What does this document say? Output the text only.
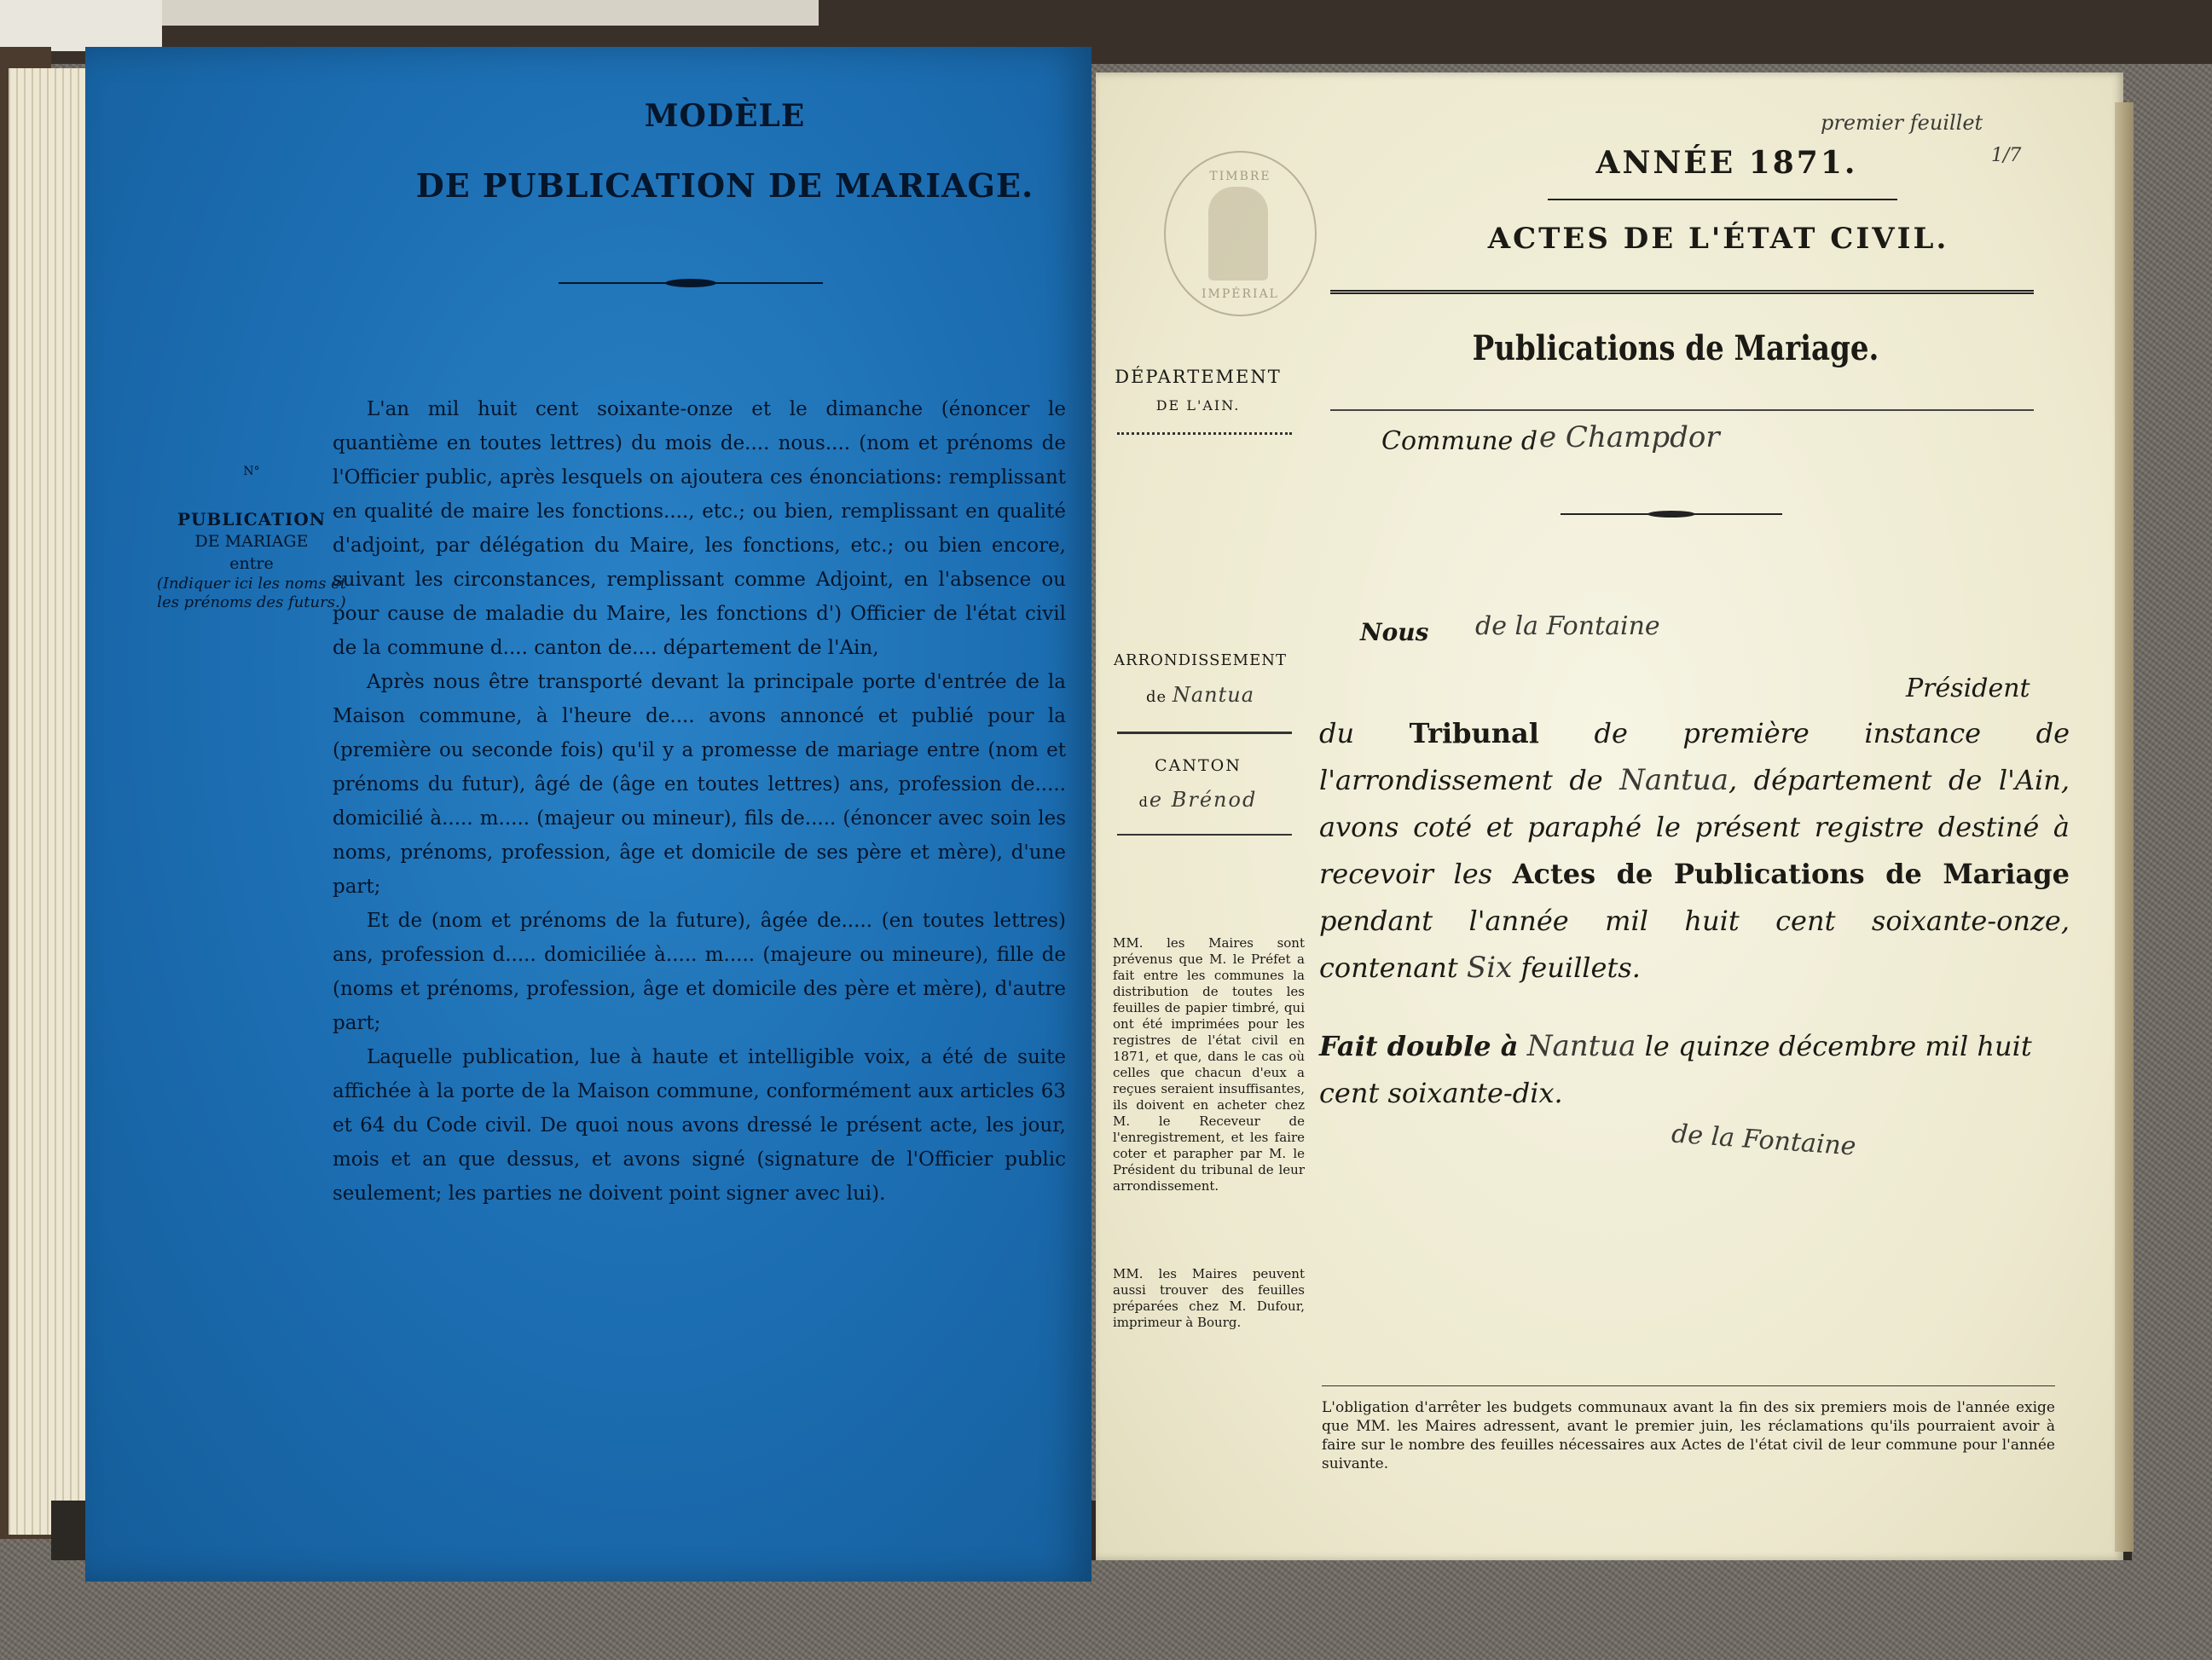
MODÈLE
DE PUBLICATION DE MARIAGE.
N°
PUBLICATION
DE MARIAGE
entre
(Indiquer ici les noms et les prénoms des futurs.)

L'an mil huit cent soixante-onze et le dimanche (énoncer le quantième en toutes lettres) du mois de.... nous.... (nom et prénoms de l'Officier public, après lesquels on ajoutera ces énonciations: remplissant en qualité de maire les fonctions...., etc.; ou bien, remplissant en qualité d'adjoint, par délégation du Maire, les fonctions, etc.; ou bien encore, suivant les circonstances, remplissant comme Adjoint, en l'absence ou pour cause de maladie du Maire, les fonctions d') Officier de l'état civil de la commune d.... canton de.... département de l'Ain,

Après nous être transporté devant la principale porte d'entrée de la Maison commune, à l'heure de.... avons annoncé et publié pour la (première ou seconde fois) qu'il y a promesse de mariage entre (nom et prénoms du futur), âgé de (âge en toutes lettres) ans, profession de..... domicilié à..... m..... (majeur ou mineur), fils de..... (énoncer avec soin les noms, prénoms, profession, âge et domicile de ses père et mère), d'une part;

Et de (nom et prénoms de la future), âgée de..... (en toutes lettres) ans, profession d..... domiciliée à..... m..... (majeure ou mineure), fille de (noms et prénoms, profession, âge et domicile des père et mère), d'autre part;

Laquelle publication, lue à haute et intelligible voix, a été de suite affichée à la porte de la Maison commune, conformément aux articles 63 et 64 du Code civil. De quoi nous avons dressé le présent acte, les jour, mois et an que dessus, et avons signé (signature de l'Officier public seulement; les parties ne doivent point signer avec lui).

premier feuillet
1/7
TIMBRE
IMPÉRIAL
ANNÉE 1871.
ACTES DE L'ÉTAT CIVIL.
Publications de Mariage.
Commune d e Champdor
DÉPARTEMENT
DE L'AIN.
ARRONDISSEMENT
de Nantua
CANTON
de Brénod
MM. les Maires sont prévenus que M. le Préfet a fait entre les communes la distribution de toutes les feuilles de papier timbré, qui ont été imprimées pour les registres de l'état civil en 1871, et que, dans le cas où celles que chacun d'eux a reçues seraient insuffisantes, ils doivent en acheter chez M. le Receveur de l'enregistrement, et les faire coter et parapher par M. le Président du tribunal de leur arrondissement.
MM. les Maires peuvent aussi trouver des feuilles préparées chez M. Dufour, imprimeur à Bourg.
Nous de la Fontaine
Président
du Tribunal de première instance de l'arrondissement de Nantua, département de l'Ain, avons coté et paraphé le présent registre destiné à recevoir les Actes de Publications de Mariage pendant l'année mil huit cent soixante-onze, contenant Six feuillets.
Fait double à Nantua le quinze décembre mil huit cent soixante-dix.
de la Fontaine
L'obligation d'arrêter les budgets communaux avant la fin des six premiers mois de l'année exige que MM. les Maires adressent, avant le premier juin, les réclamations qu'ils pourraient avoir à faire sur le nombre des feuilles nécessaires aux Actes de l'état civil de leur commune pour l'année suivante.
